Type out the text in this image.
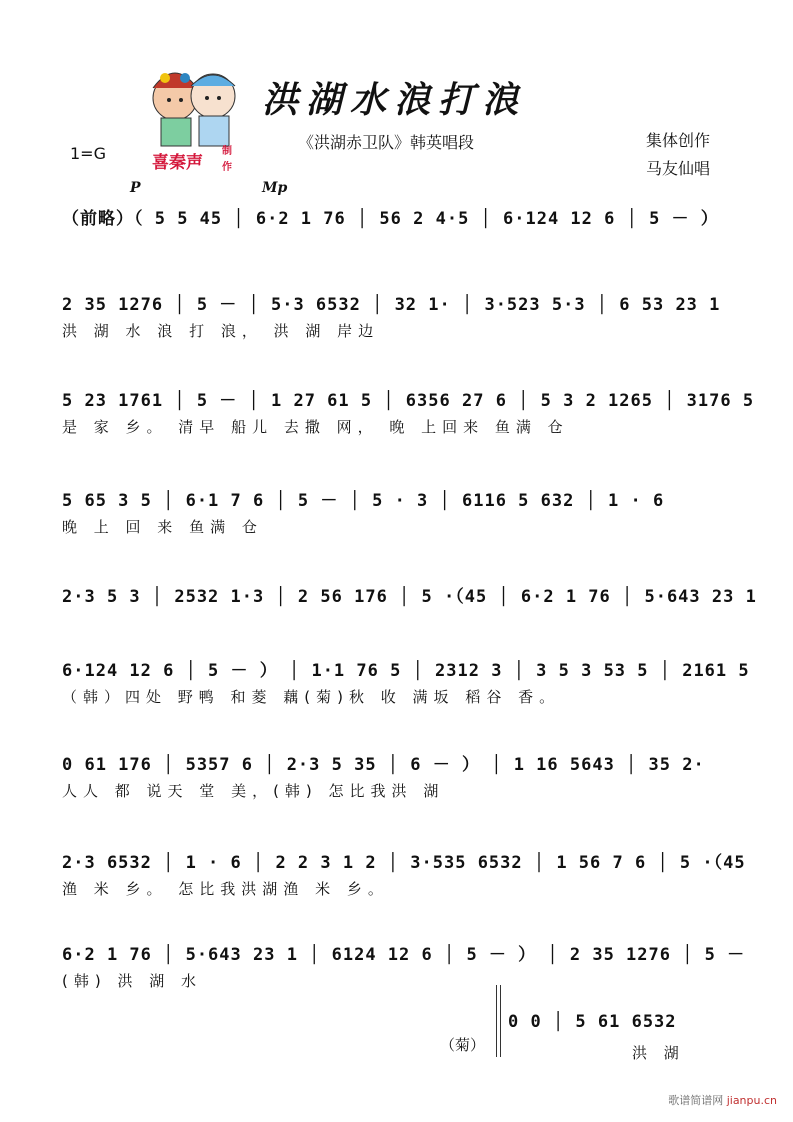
喜秦声
制
作
洪湖水浪打浪
《洪湖赤卫队》韩英唱段
1=G
集体创作
马友仙唱
P	Mp
（前略）（ 5 5 45 │ 6·2 1 76 │ 56 2 4·5 │ 6·124 12 6 │ 5 － ）
2 35 1276 │ 5 － │ 5·3 6532 │ 32 1· │ 3·523 5·3 │ 6 53 23 1
洪 湖 水 浪 打 浪， 洪 湖 岸边
5 23 1761 │ 5 － │ 1 27 61 5 │ 6356 27 6 │ 5 3 2 1265 │ 3176 5
是 家 乡。 清早 船儿 去撒 网， 晚 上回来 鱼满 仓
5 65 3 5 │ 6·1 7 6 │ 5 － │ 5 · 3 │ 6116 5 632 │ 1 · 6
晚 上 回 来 鱼满 仓
2·3 5 3 │ 2532 1·3 │ 2 56 176 │ 5 ·（45 │ 6·2 1 76 │ 5·643 23 1
6·124 12 6 │ 5 － ） │ 1·1 76 5 │ 2312 3 │ 3 5 3 53 5 │ 2161 5
（韩）四处 野鸭 和菱 藕(菊)秋 收 满坂 稻谷 香。
0 61 176 │ 5357 6 │ 2·3 5 35 │ 6 － ） │ 1 16 5643 │ 35 2·
人人 都 说天 堂 美，(韩) 怎比我洪 湖
2·3 6532 │ 1 · 6 │ 2 2 3 1 2 │ 3·535 6532 │ 1 56 7 6 │ 5 ·（45
渔 米 乡。 怎比我洪湖渔 米 乡。
6·2 1 76 │ 5·643 23 1 │ 6124 12 6 │ 5 － ） │ 2 35 1276 │ 5 －
(韩) 洪 湖 水
0 0 │ 5 61 6532
洪 湖
（菊）
歌谱简谱网 jianpu.cn
